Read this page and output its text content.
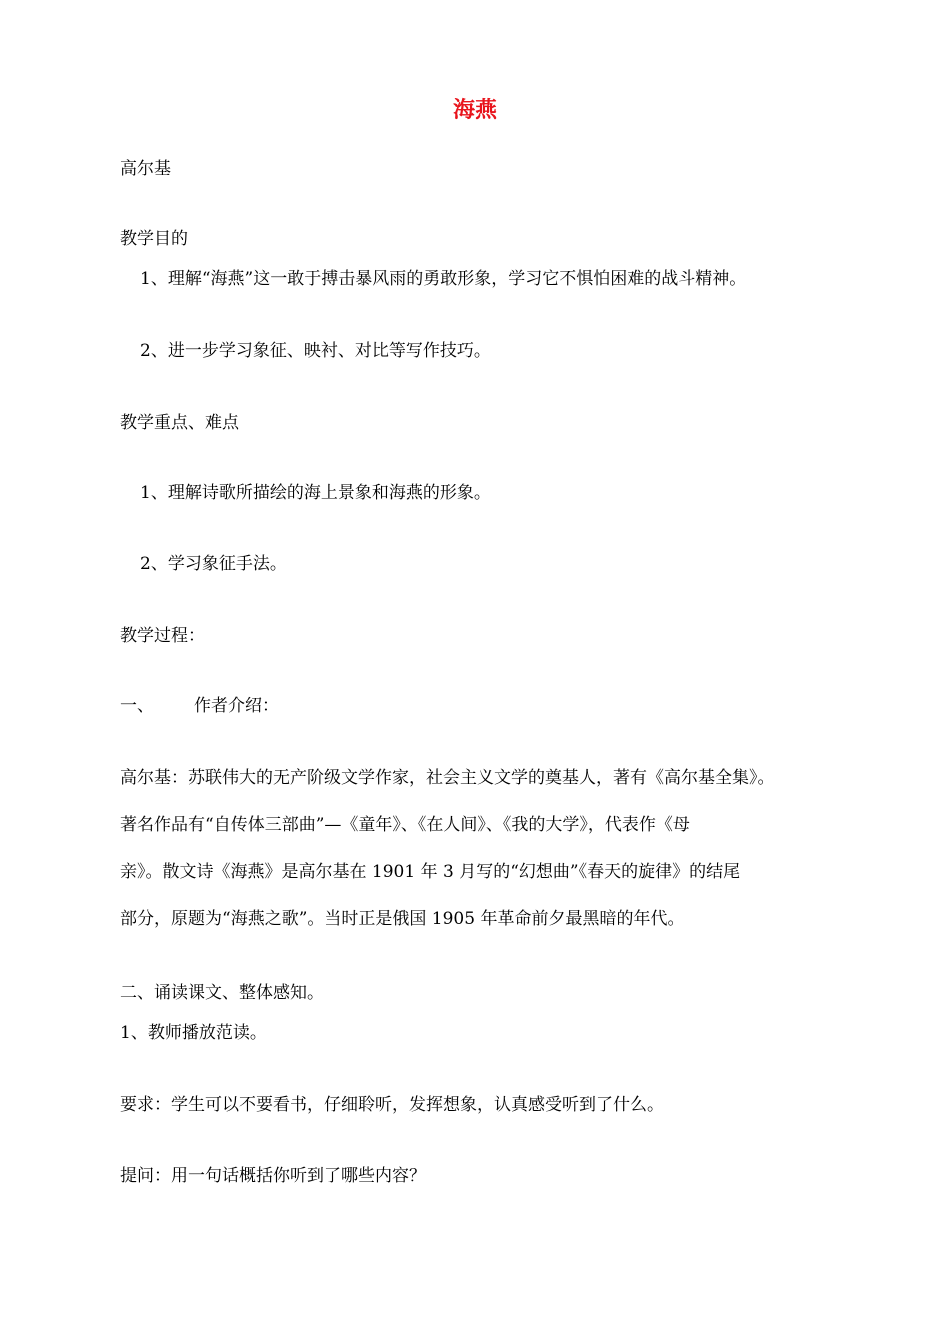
海燕
高尔基
教学目的
1、理解“海燕”这一敢于搏击暴风雨的勇敢形象，学习它不惧怕困难的战斗精神。
2、进一步学习象征、映衬、对比等写作技巧。
教学重点、难点
1、理解诗歌所描绘的海上景象和海燕的形象。
2、学习象征手法。
教学过程：
一、 作者介绍：
高尔基：苏联伟大的无产阶级文学作家，社会主义文学的奠基人，著有《高尔基全集》。
著名作品有“自传体三部曲”—《童年》、《在人间》、《我的大学》，代表作《母
亲》。散文诗《海燕》是高尔基在 1901 年 3 月写的“幻想曲”《春天的旋律》的结尾
部分，原题为“海燕之歌”。当时正是俄国 1905 年革命前夕最黑暗的年代。
二、诵读课文、整体感知。
1、教师播放范读。
要求：学生可以不要看书，仔细聆听，发挥想象，认真感受听到了什么。
提问：用一句话概括你听到了哪些内容？
